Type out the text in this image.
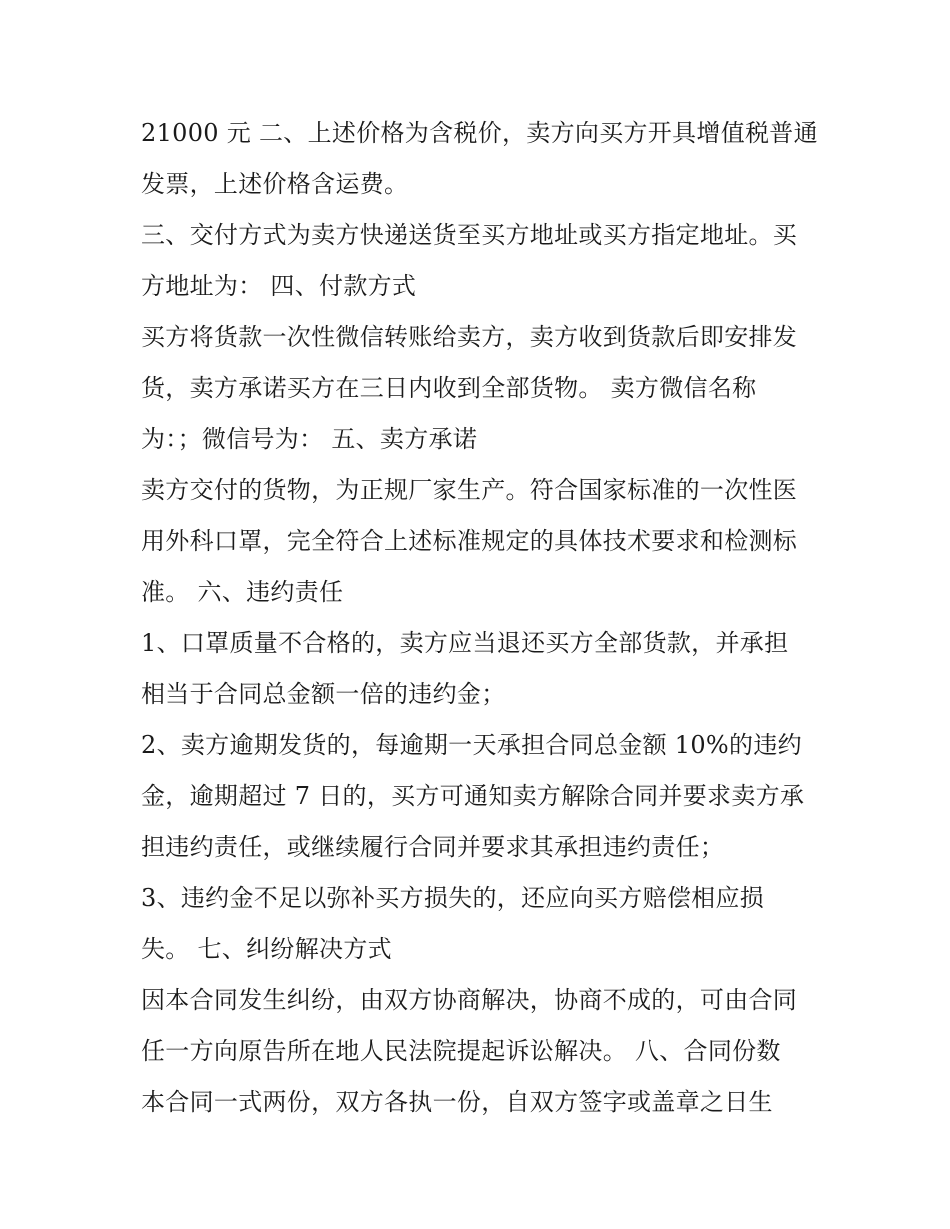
21000 元 二、上述价格为含税价，卖方向买方开具增值税普通
发票，上述价格含运费。
三、交付方式为卖方快递送货至买方地址或买方指定地址。买
方地址为： 四、付款方式
买方将货款一次性微信转账给卖方，卖方收到货款后即安排发
货，卖方承诺买方在三日内收到全部货物。 卖方微信名称
为：；微信号为： 五、卖方承诺
卖方交付的货物，为正规厂家生产。符合国家标准的一次性医
用外科口罩，完全符合上述标准规定的具体技术要求和检测标
准。 六、违约责任
1、口罩质量不合格的，卖方应当退还买方全部货款，并承担
相当于合同总金额一倍的违约金；
2、卖方逾期发货的，每逾期一天承担合同总金额 10%的违约
金，逾期超过 7 日的，买方可通知卖方解除合同并要求卖方承
担违约责任，或继续履行合同并要求其承担违约责任；
3、违约金不足以弥补买方损失的，还应向买方赔偿相应损
失。 七、纠纷解决方式
因本合同发生纠纷，由双方协商解决，协商不成的，可由合同
任一方向原告所在地人民法院提起诉讼解决。 八、合同份数
本合同一式两份，双方各执一份，自双方签字或盖章之日生
